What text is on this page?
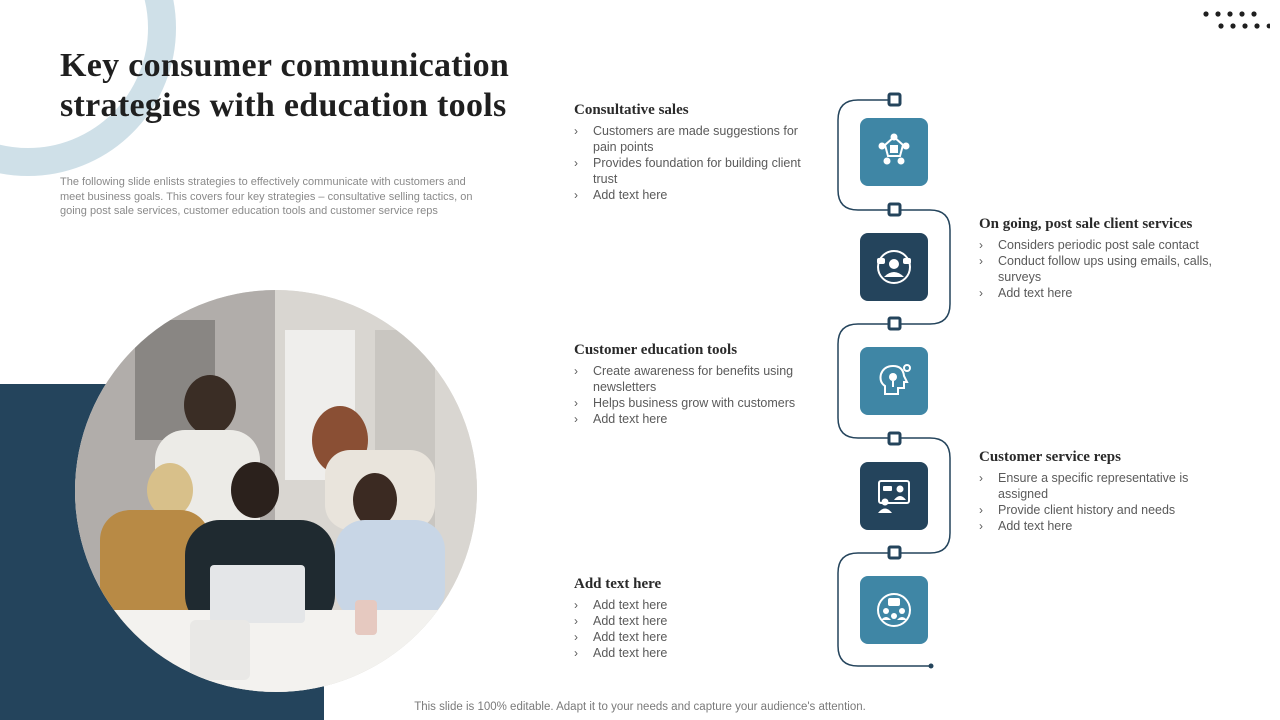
Key consumer communication strategies with education tools

The following slide enlists strategies to effectively communicate with customers and meet business goals. This covers four key strategies – consultative selling tactics, on going post sale services, customer education tools and customer service reps

Consultative sales
› Customers are made suggestions for pain points
› Provides foundation for building client trust
› Add text here
On going, post sale client services
› Considers periodic post sale contact
› Conduct follow ups using emails, calls, surveys
› Add text here
Customer education tools
› Create awareness for benefits using newsletters
› Helps business grow with customers
› Add text here
Customer service reps
› Ensure a specific representative is assigned
› Provide client history and needs
› Add text here
Add text here
› Add text here
› Add text here
› Add text here
› Add text here

This slide is 100% editable. Adapt it to your needs and capture your audience's attention.
